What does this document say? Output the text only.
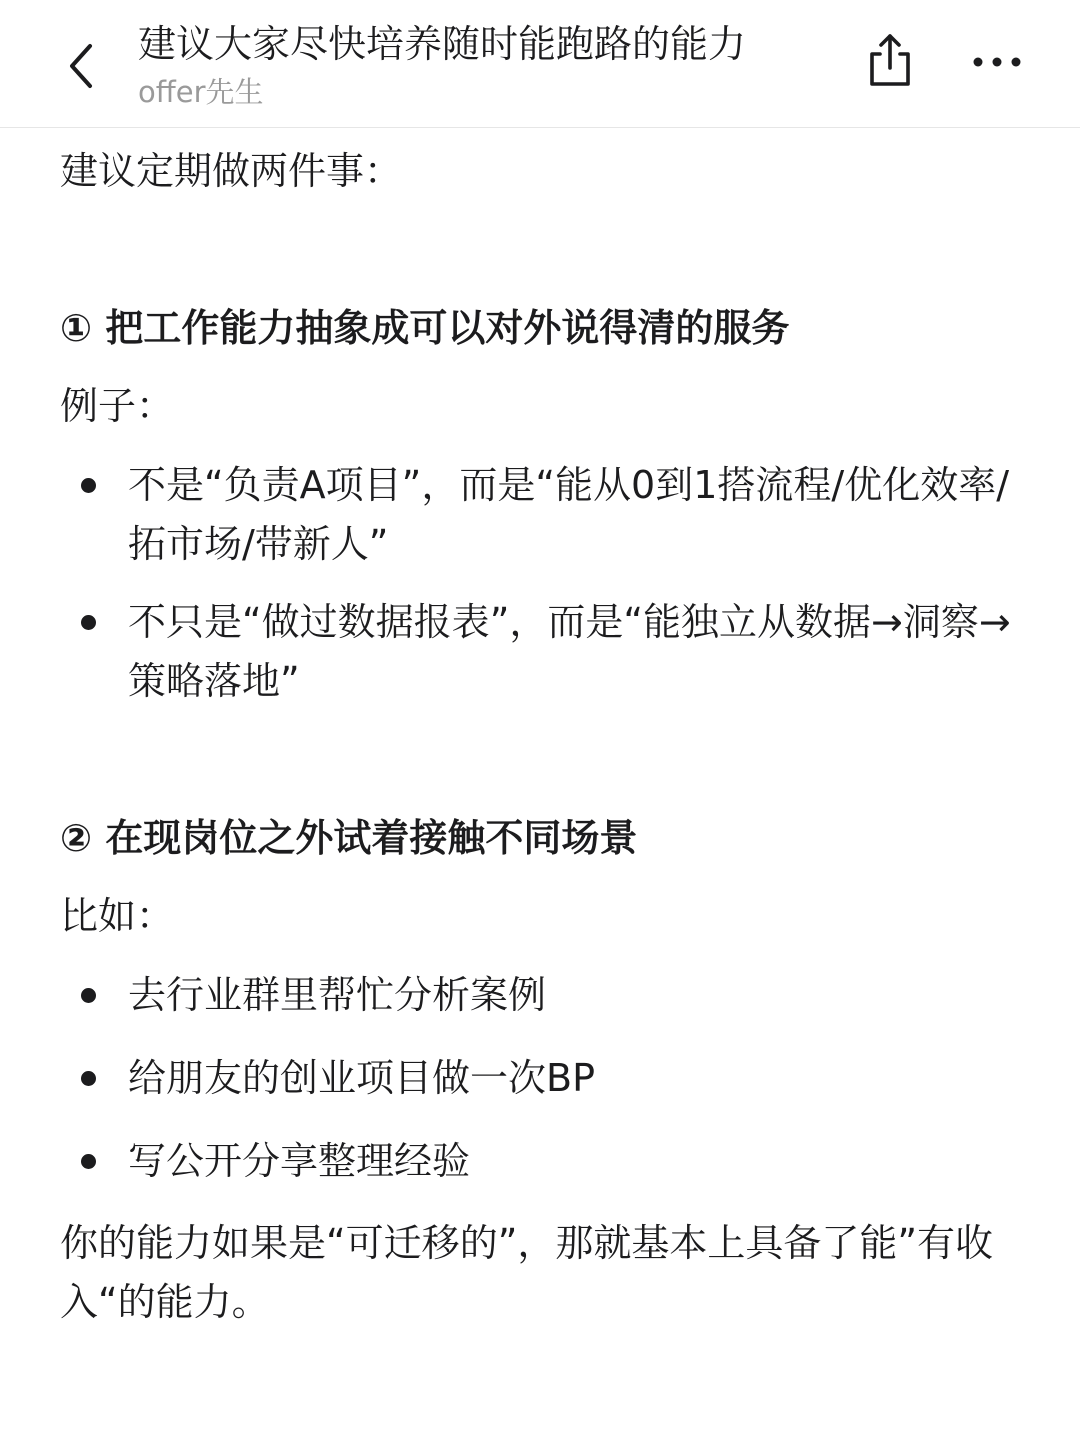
建议大家尽快培养随时能跑路的能力
offer先生
建议定期做两件事：
① 把工作能力抽象成可以对外说得清的服务
例子：
不是“负责A项目”，而是“能从0到1搭流程/优化效率/拓市场/带新人”
不只是“做过数据报表”，而是“能独立从数据→洞察→策略落地”
② 在现岗位之外试着接触不同场景
比如：
去行业群里帮忙分析案例
给朋友的创业项目做一次BP
写公开分享整理经验
你的能力如果是“可迁移的”，那就基本上具备了能”有收入“的能力。
